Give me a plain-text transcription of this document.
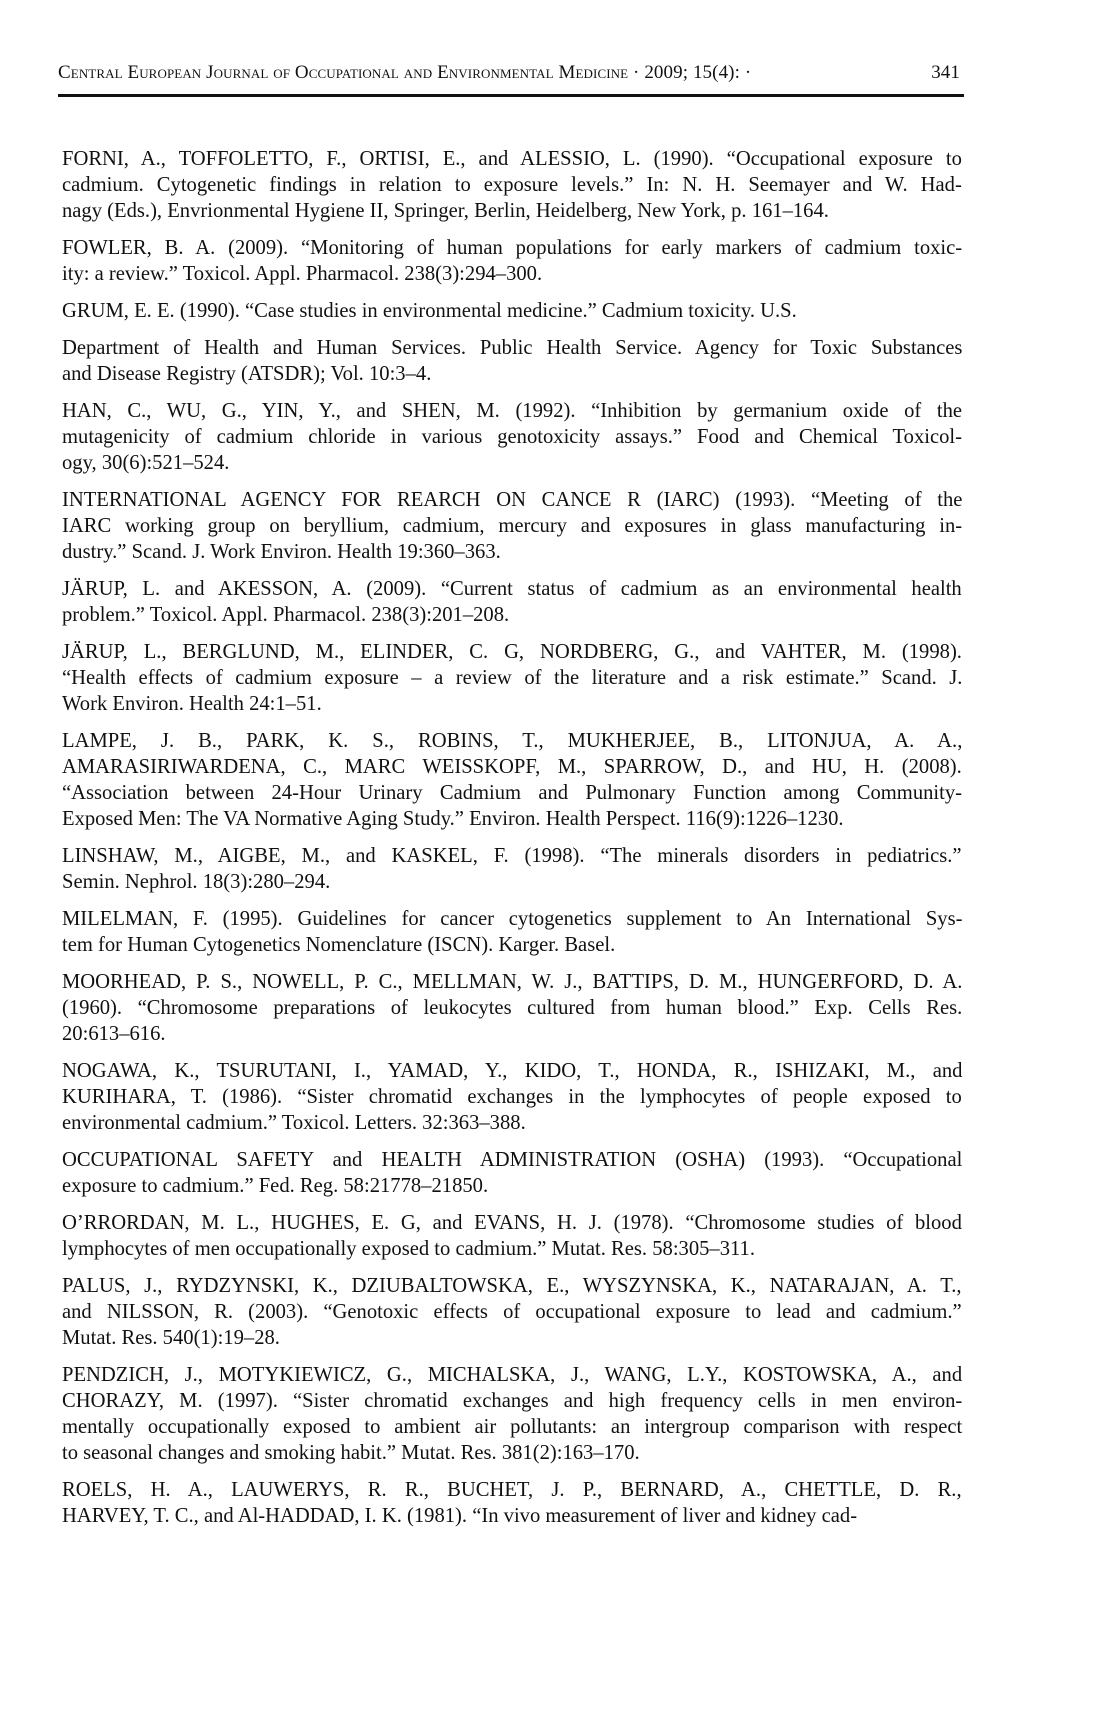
Central European Journal of Occupational and Environmental Medicine · 2009; 15(4): ·	341
FORNI, A., TOFFOLETTO, F., ORTISI, E., and ALESSIO, L. (1990). “Occupational exposure to
cadmium. Cytogenetic findings in relation to exposure levels.” In: N. H. Seemayer and W. Had-
nagy (Eds.), Envrionmental Hygiene II, Springer, Berlin, Heidelberg, New York, p. 161–164.
FOWLER, B. A. (2009). “Monitoring of human populations for early markers of cadmium toxic-
ity: a review.” Toxicol. Appl. Pharmacol. 238(3):294–300.
GRUM, E. E. (1990). “Case studies in environmental medicine.” Cadmium toxicity. U.S.
Department of Health and Human Services. Public Health Service. Agency for Toxic Substances
and Disease Registry (ATSDR); Vol. 10:3–4.
HAN, C., WU, G., YIN, Y., and SHEN, M. (1992). “Inhibition by germanium oxide of the
mutagenicity of cadmium chloride in various genotoxicity assays.” Food and Chemical Toxicol-
ogy, 30(6):521–524.
INTERNATIONAL AGENCY FOR REARCH ON CANCE R (IARC) (1993). “Meeting of the
IARC working group on beryllium, cadmium, mercury and exposures in glass manufacturing in-
dustry.” Scand. J. Work Environ. Health 19:360–363.
JÄRUP, L. and AKESSON, A. (2009). “Current status of cadmium as an environmental health
problem.” Toxicol. Appl. Pharmacol. 238(3):201–208.
JÄRUP, L., BERGLUND, M., ELINDER, C. G, NORDBERG, G., and VAHTER, M. (1998).
“Health effects of cadmium exposure – a review of the literature and a risk estimate.” Scand. J.
Work Environ. Health 24:1–51.
LAMPE, J. B., PARK, K. S., ROBINS, T., MUKHERJEE, B., LITONJUA, A. A.,
AMARASIRIWARDENA, C., MARC WEISSKOPF, M., SPARROW, D., and HU, H. (2008).
“Association between 24-Hour Urinary Cadmium and Pulmonary Function among Community-
Exposed Men: The VA Normative Aging Study.” Environ. Health Perspect. 116(9):1226–1230.
LINSHAW, M., AIGBE, M., and KASKEL, F. (1998). “The minerals disorders in pediatrics.”
Semin. Nephrol. 18(3):280–294.
MILELMAN, F. (1995). Guidelines for cancer cytogenetics supplement to An International Sys-
tem for Human Cytogenetics Nomenclature (ISCN). Karger. Basel.
MOORHEAD, P. S., NOWELL, P. C., MELLMAN, W. J., BATTIPS, D. M., HUNGERFORD, D. A.
(1960). “Chromosome preparations of leukocytes cultured from human blood.” Exp. Cells Res.
20:613–616.
NOGAWA, K., TSURUTANI, I., YAMAD, Y., KIDO, T., HONDA, R., ISHIZAKI, M., and
KURIHARA, T. (1986). “Sister chromatid exchanges in the lymphocytes of people exposed to
environmental cadmium.” Toxicol. Letters. 32:363–388.
OCCUPATIONAL SAFETY and HEALTH ADMINISTRATION (OSHA) (1993). “Occupational
exposure to cadmium.” Fed. Reg. 58:21778–21850.
O’RRORDAN, M. L., HUGHES, E. G, and EVANS, H. J. (1978). “Chromosome studies of blood
lymphocytes of men occupationally exposed to cadmium.” Mutat. Res. 58:305–311.
PALUS, J., RYDZYNSKI, K., DZIUBALTOWSKA, E., WYSZYNSKA, K., NATARAJAN, A. T.,
and NILSSON, R. (2003). “Genotoxic effects of occupational exposure to lead and cadmium.”
Mutat. Res. 540(1):19–28.
PENDZICH, J., MOTYKIEWICZ, G., MICHALSKA, J., WANG, L.Y., KOSTOWSKA, A., and
CHORAZY, M. (1997). “Sister chromatid exchanges and high frequency cells in men environ-
mentally occupationally exposed to ambient air pollutants: an intergroup comparison with respect
to seasonal changes and smoking habit.” Mutat. Res. 381(2):163–170.
ROELS, H. A., LAUWERYS, R. R., BUCHET, J. P., BERNARD, A., CHETTLE, D. R.,
HARVEY, T. C., and Al-HADDAD, I. K. (1981). “In vivo measurement of liver and kidney cad-
